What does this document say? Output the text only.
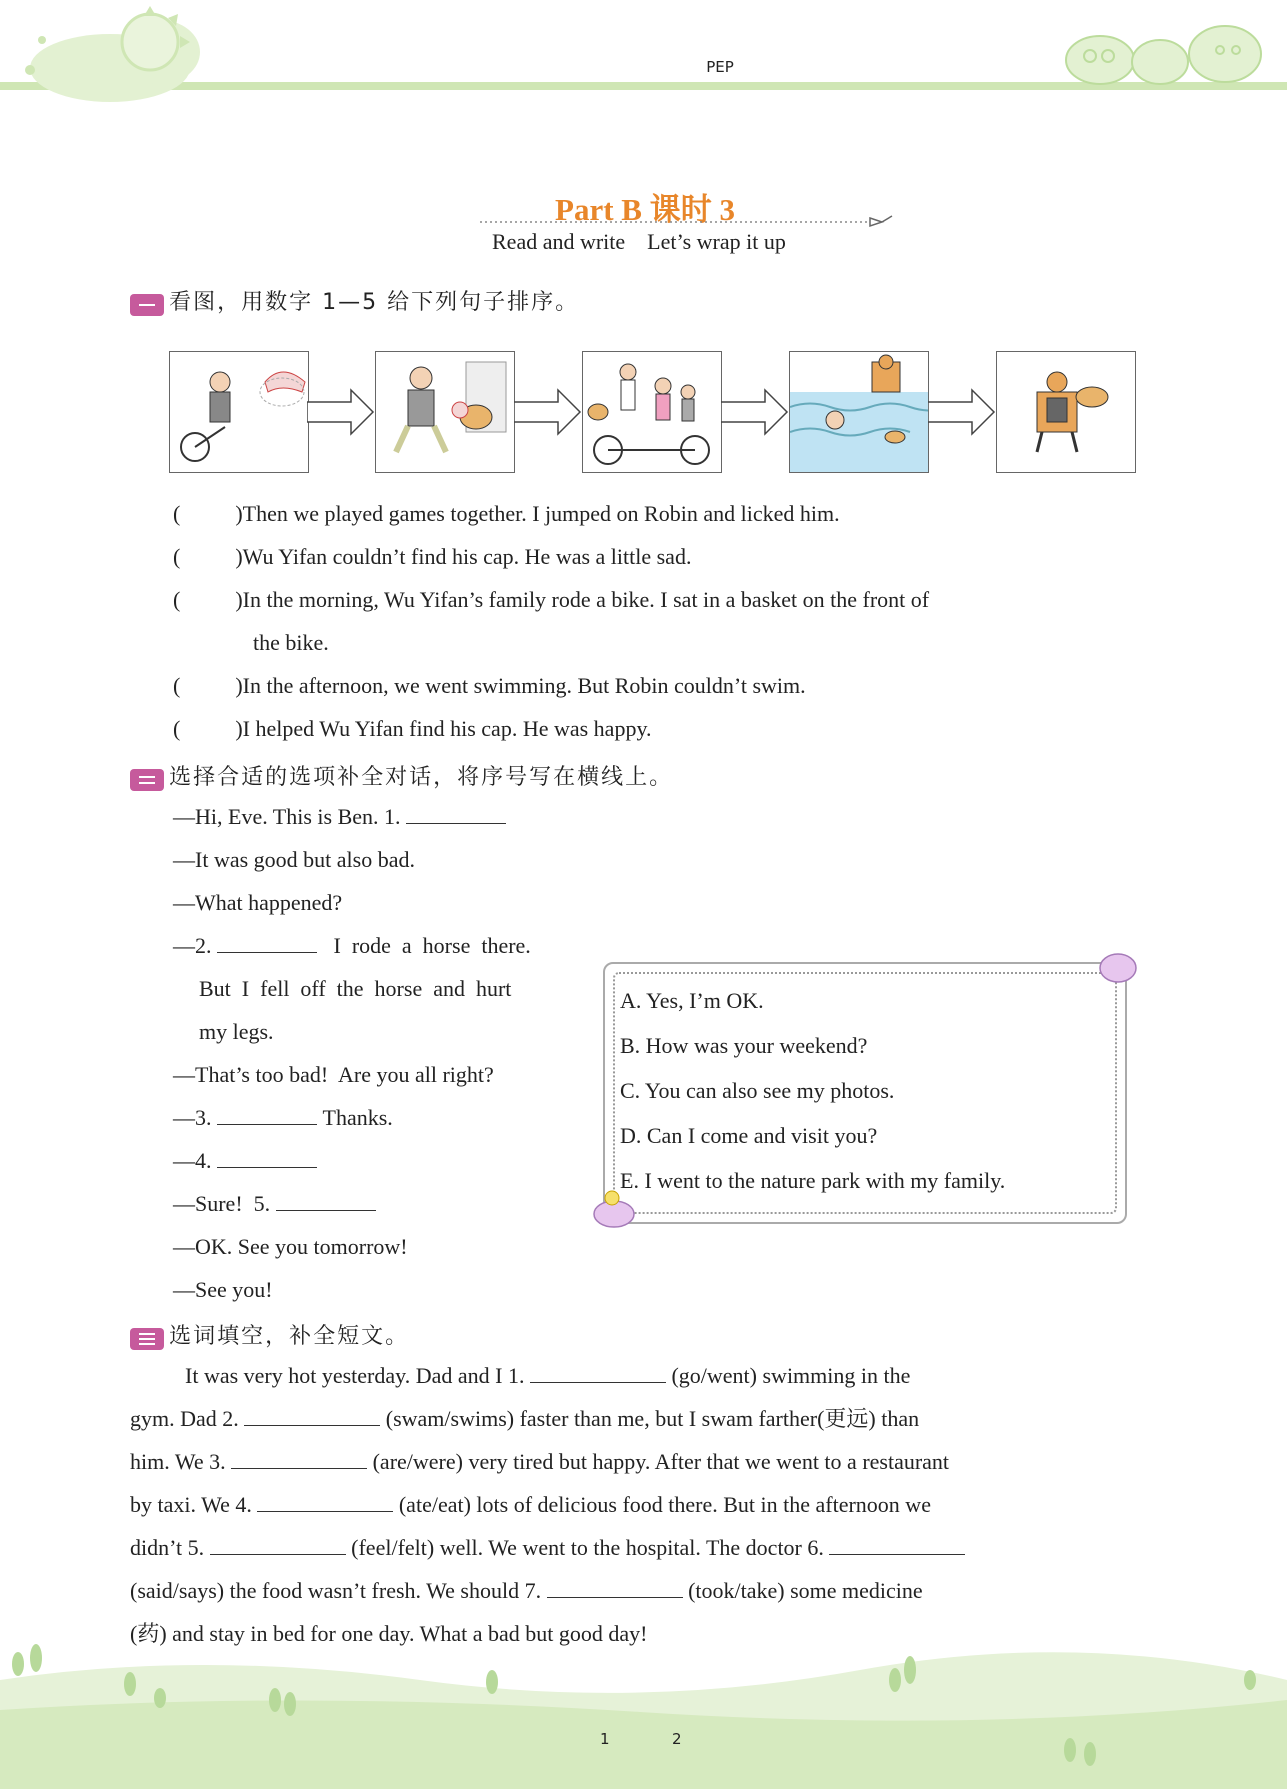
PEP
Part B 课时 3
Read and write    Let’s wrap it up
看图，用数字 1—5 给下列句子排序。
(          )Then we played games together. I jumped on Robin and licked him.
(          )Wu Yifan couldn’t find his cap. He was a little sad.
(          )In the morning, Wu Yifan’s family rode a bike. I sat in a basket on the front of
the bike.
(          )In the afternoon, we went swimming. But Robin couldn’t swim.
(          )I helped Wu Yifan find his cap. He was happy.
选择合适的选项补全对话，将序号写在横线上。
—Hi, Eve. This is Ben. 1.
—It was good but also bad.
—What happened?
—2.	I  rode  a  horse  there.
But  I  fell  off  the  horse  and  hurt
my legs.
—That’s too bad!  Are you all right?
—3.	Thanks.
—4.
—Sure!  5.
—OK. See you tomorrow!
—See you!
A. Yes, I’m OK.
B. How was your weekend?
C. You can also see my photos.
D. Can I come and visit you?
E. I went to the nature park with my family.
选词填空，补全短文。
It was very hot yesterday. Dad and I 1.	(go/went) swimming in the
gym. Dad 2.	(swam/swims) faster than me, but I swam farther(更远) than
him. We 3.	(are/were) very tired but happy. After that we went to a restaurant
by taxi. We 4.	(ate/eat) lots of delicious food there. But in the afternoon we
didn’t 5.	(feel/felt) well. We went to the hospital. The doctor 6.
(said/says) the food wasn’t fresh. We should 7.	(took/take) some medicine
(药) and stay in bed for one day. What a bad but good day!
1	2
